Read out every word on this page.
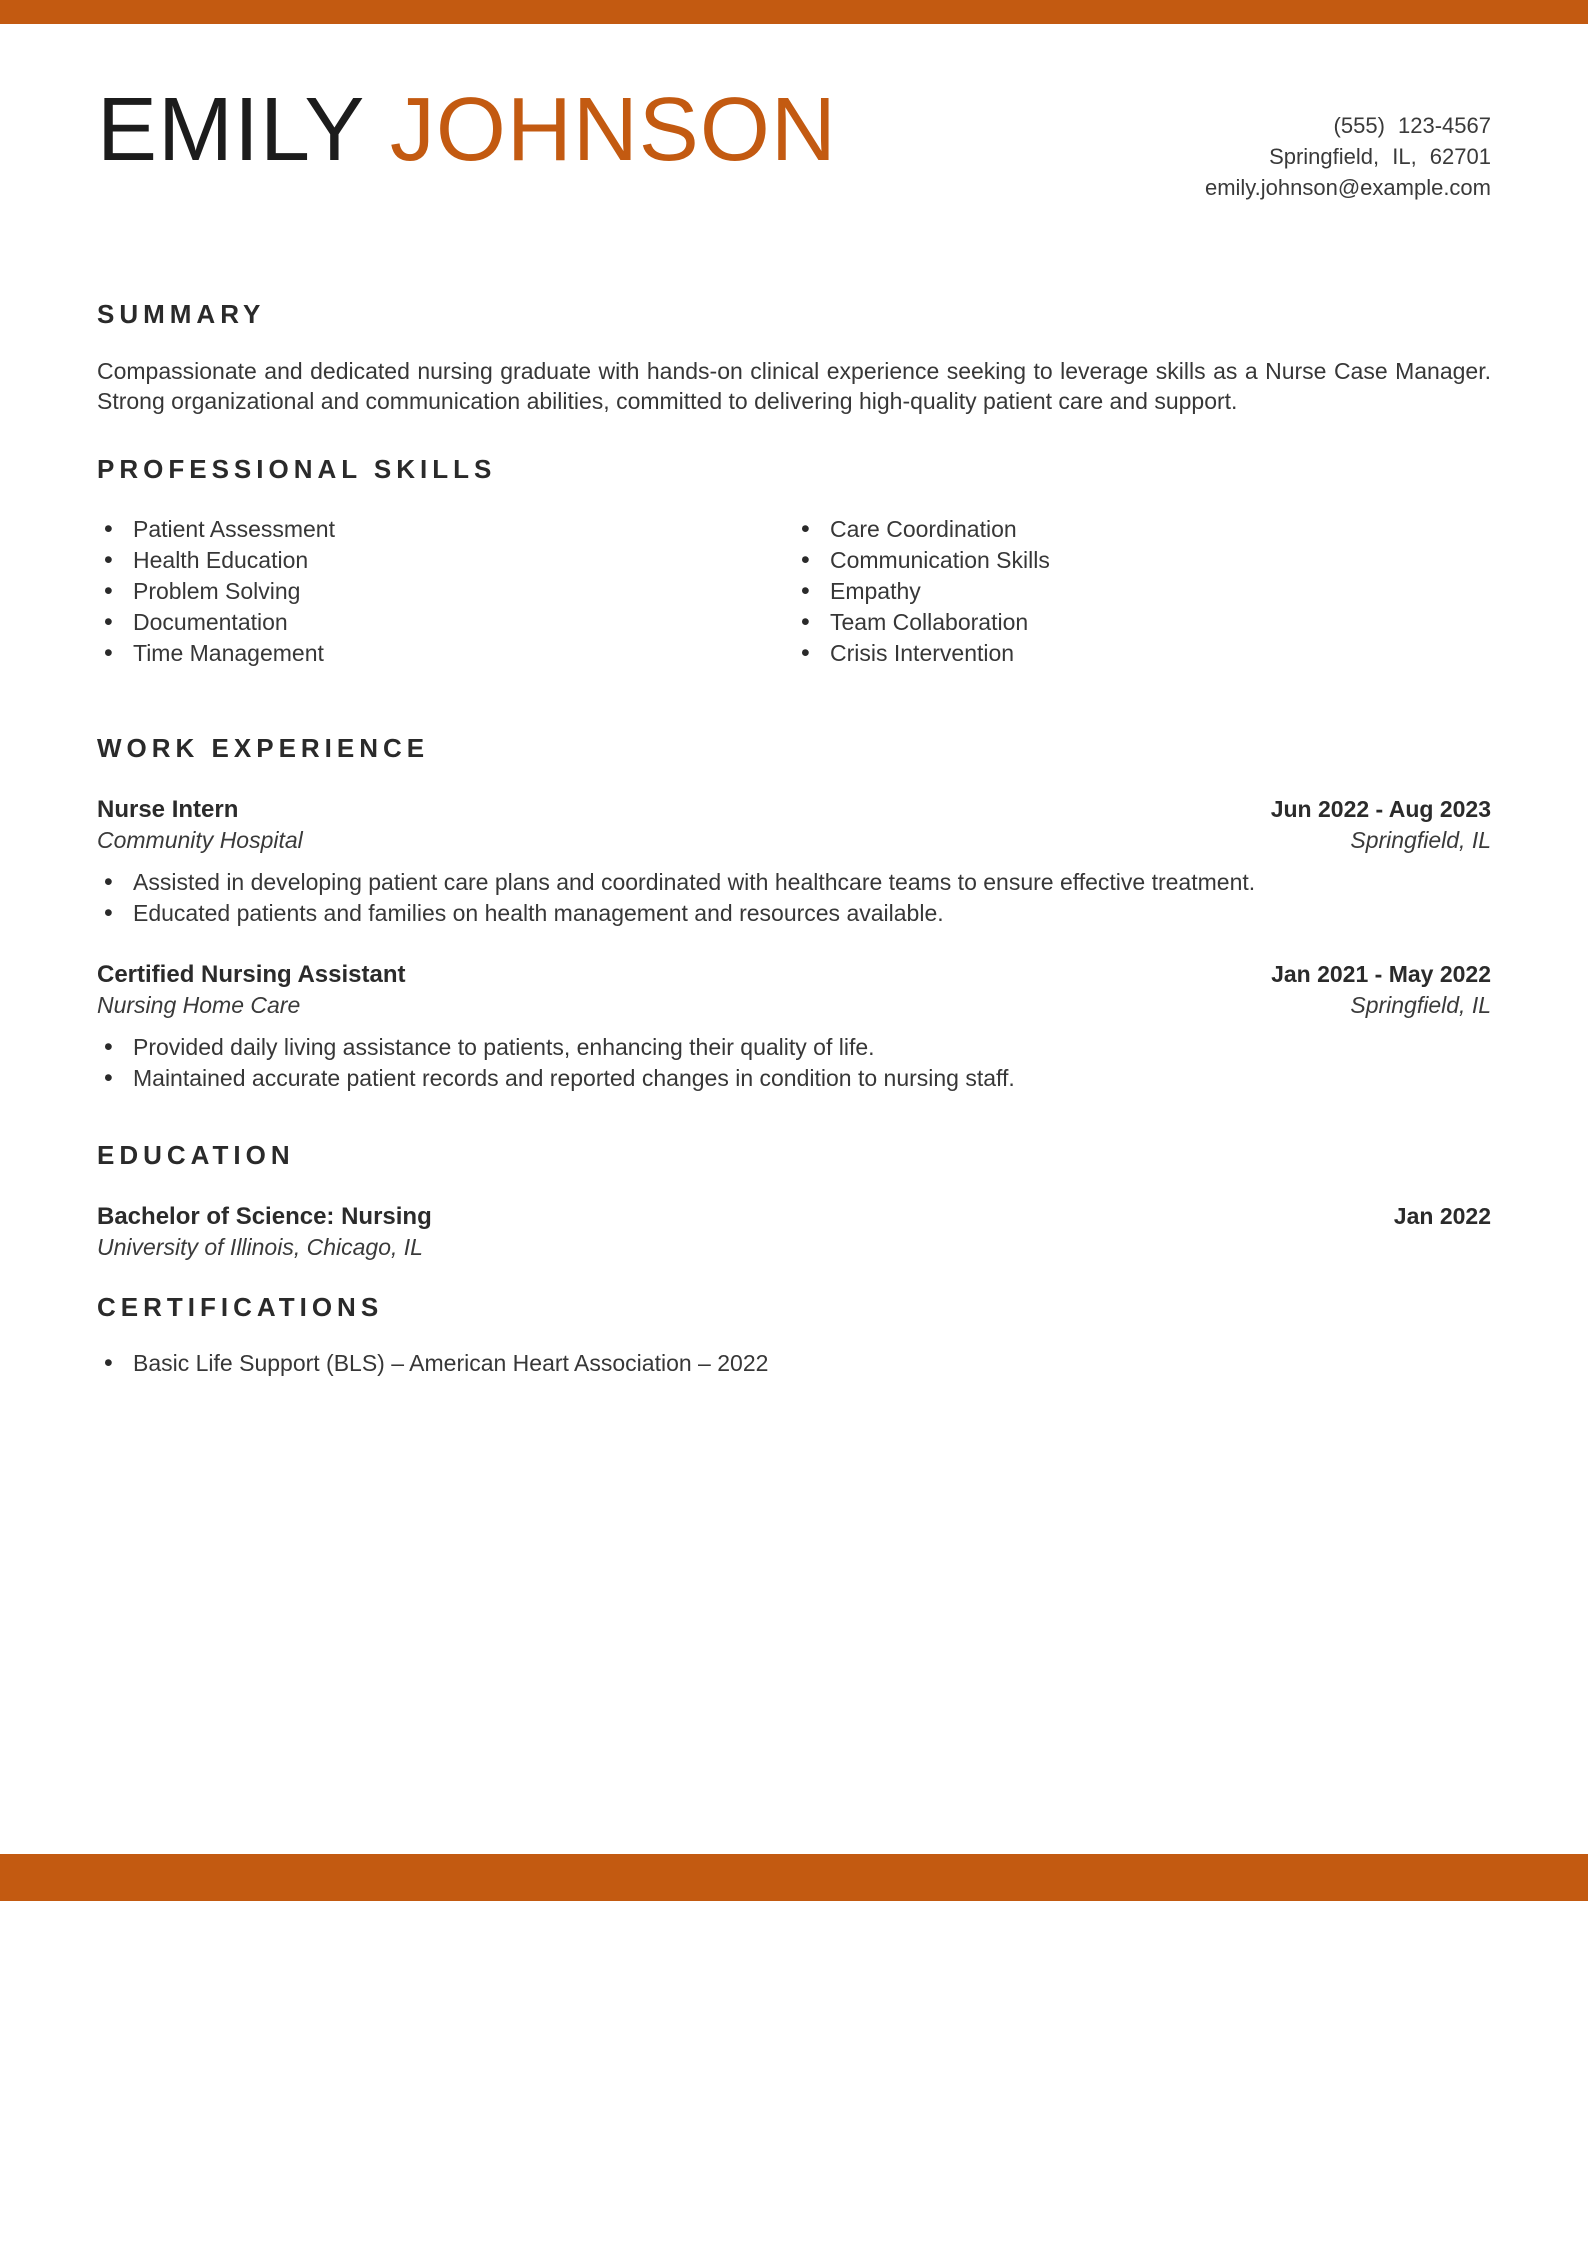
EMILY JOHNSON	(555) 123-4567
Springfield, IL, 62701
emily.johnson@example.com
SUMMARY

Compassionate and dedicated nursing graduate with hands-on clinical experience seeking to leverage skills as a Nurse Case Manager. Strong organizational and communication abilities, committed to delivering high-quality patient care and support.

PROFESSIONAL SKILLS
• Patient Assessment
• Health Education
• Problem Solving
• Documentation
• Time Management
• Care Coordination
• Communication Skills
• Empathy
• Team Collaboration
• Crisis Intervention
WORK EXPERIENCE
Nurse Intern	Jun 2022 - Aug 2023
Community Hospital	Springfield, IL
• Assisted in developing patient care plans and coordinated with healthcare teams to ensure effective treatment.
• Educated patients and families on health management and resources available.
Certified Nursing Assistant	Jan 2021 - May 2022
Nursing Home Care	Springfield, IL
• Provided daily living assistance to patients, enhancing their quality of life.
• Maintained accurate patient records and reported changes in condition to nursing staff.
EDUCATION
Bachelor of Science: Nursing	Jan 2022
University of Illinois, Chicago, IL
CERTIFICATIONS
• Basic Life Support (BLS) – American Heart Association – 2022
